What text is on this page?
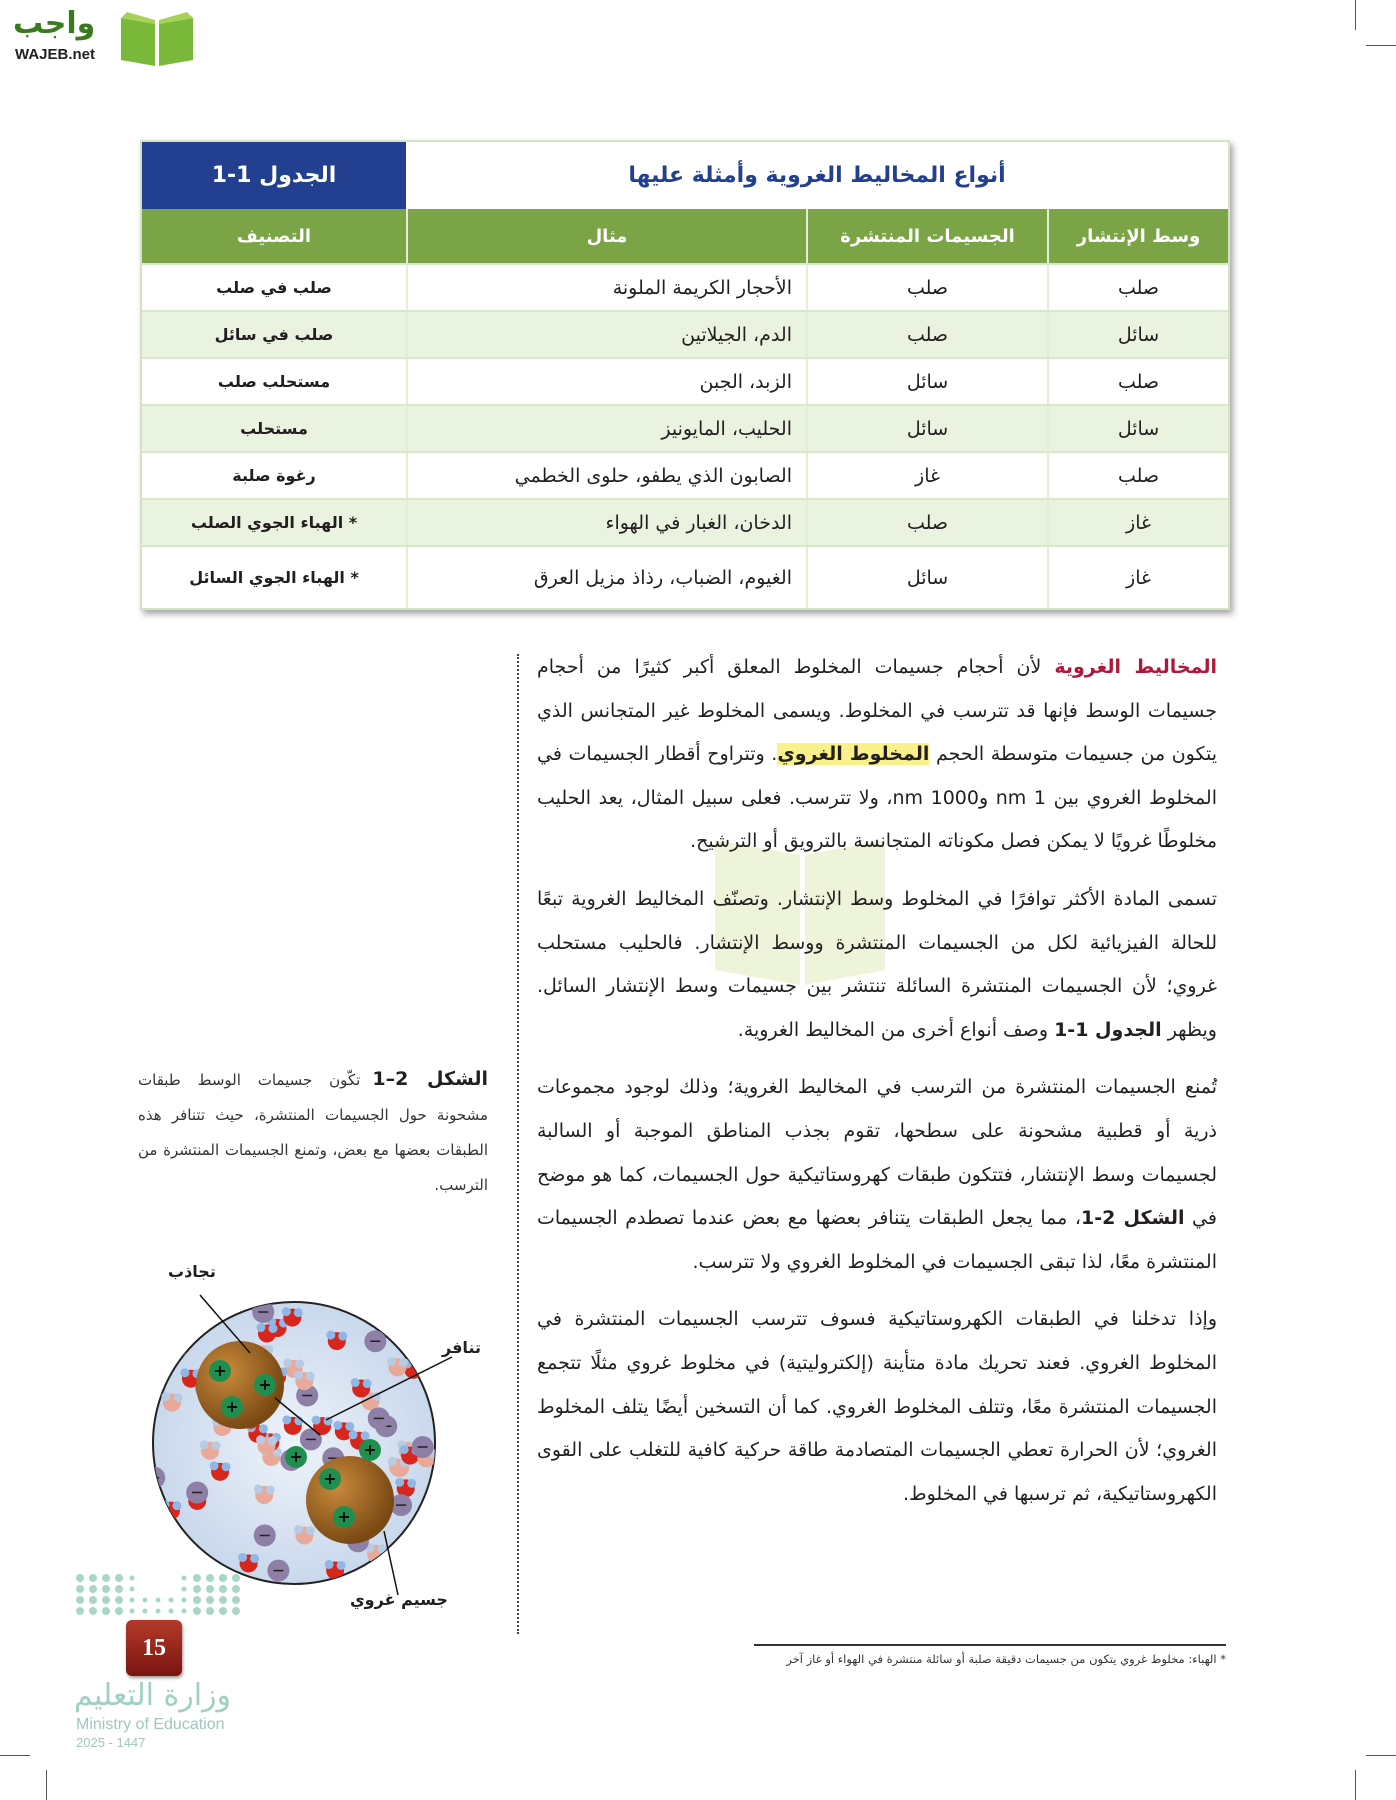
واجب
WAJEB.net
الجدول 1-1	أنواع المخاليط الغروية وأمثلة عليها
التصنيف	مثال	الجسيمات المنتشرة	وسط الإنتشار
صلب في صلب	الأحجار الكريمة الملونة	صلب	صلب
صلب في سائل	الدم، الجيلاتين	صلب	سائل
مستحلب صلب	الزبد، الجبن	سائل	صلب
مستحلب	الحليب، المايونيز	سائل	سائل
رغوة صلبة	الصابون الذي يطفو، حلوى الخطمي	غاز	صلب
* الهباء الجوي الصلب	الدخان، الغبار في الهواء	صلب	غاز
* الهباء الجوي السائل	الغيوم، الضباب، رذاذ مزيل العرق	سائل	غاز

المخاليط الغروية لأن أحجام جسيمات المخلوط المعلق أكبر كثيرًا من أحجام جسيمات الوسط فإنها قد تترسب في المخلوط. ويسمى المخلوط غير المتجانس الذي يتكون من جسيمات متوسطة الحجم المخلوط الغروي. وتتراوح أقطار الجسيمات في المخلوط الغروي بين 1 nm و1000 nm، ولا تترسب. فعلى سبيل المثال، يعد الحليب مخلوطًا غرويًا لا يمكن فصل مكوناته المتجانسة بالترويق أو الترشيح.

تسمى المادة الأكثر توافرًا في المخلوط وسط الإنتشار. وتصنّف المخاليط الغروية تبعًا للحالة الفيزيائية لكل من الجسيمات المنتشرة ووسط الإنتشار. فالحليب مستحلب غروي؛ لأن الجسيمات المنتشرة السائلة تنتشر بين جسيمات وسط الإنتشار السائل. ويظهر الجدول 1-1 وصف أنواع أخرى من المخاليط الغروية.

تُمنع الجسيمات المنتشرة من الترسب في المخاليط الغروية؛ وذلك لوجود مجموعات ذرية أو قطبية مشحونة على سطحها، تقوم بجذب المناطق الموجبة أو السالبة لجسيمات وسط الإنتشار، فتتكون طبقات كهروستاتيكية حول الجسيمات، كما هو موضح في الشكل 2-1، مما يجعل الطبقات يتنافر بعضها مع بعض عندما تصطدم الجسيمات المنتشرة معًا، لذا تبقى الجسيمات في المخلوط الغروي ولا تترسب.

وإذا تدخلنا في الطبقات الكهروستاتيكية فسوف تترسب الجسيمات المنتشرة في المخلوط الغروي. فعند تحريك مادة متأينة (إلكتروليتية) في مخلوط غروي مثلًا تتجمع الجسيمات المنتشرة معًا، وتتلف المخلوط الغروي. كما أن التسخين أيضًا يتلف المخلوط الغروي؛ لأن الحرارة تعطي الجسيمات المتصادمة طاقة حركية كافية للتغلب على القوى الكهروستاتيكية، ثم ترسبها في المخلوط.

الشكل 2–1تكّون جسيمات الوسط طبقات مشحونة حول الجسيمات المنتشرة، حيث تتنافر هذه الطبقات بعضها مع بعض، وتمنع الجسيمات المنتشرة من الترسب.
تجاذب
تنافر
جسيم غروي
15
وزارة التعليم
Ministry of Education
2025 - 1447
* الهباء: مخلوط غروي يتكون من جسيمات دقيقة صلبة أو سائلة منتشرة في الهواء أو غاز آخر
